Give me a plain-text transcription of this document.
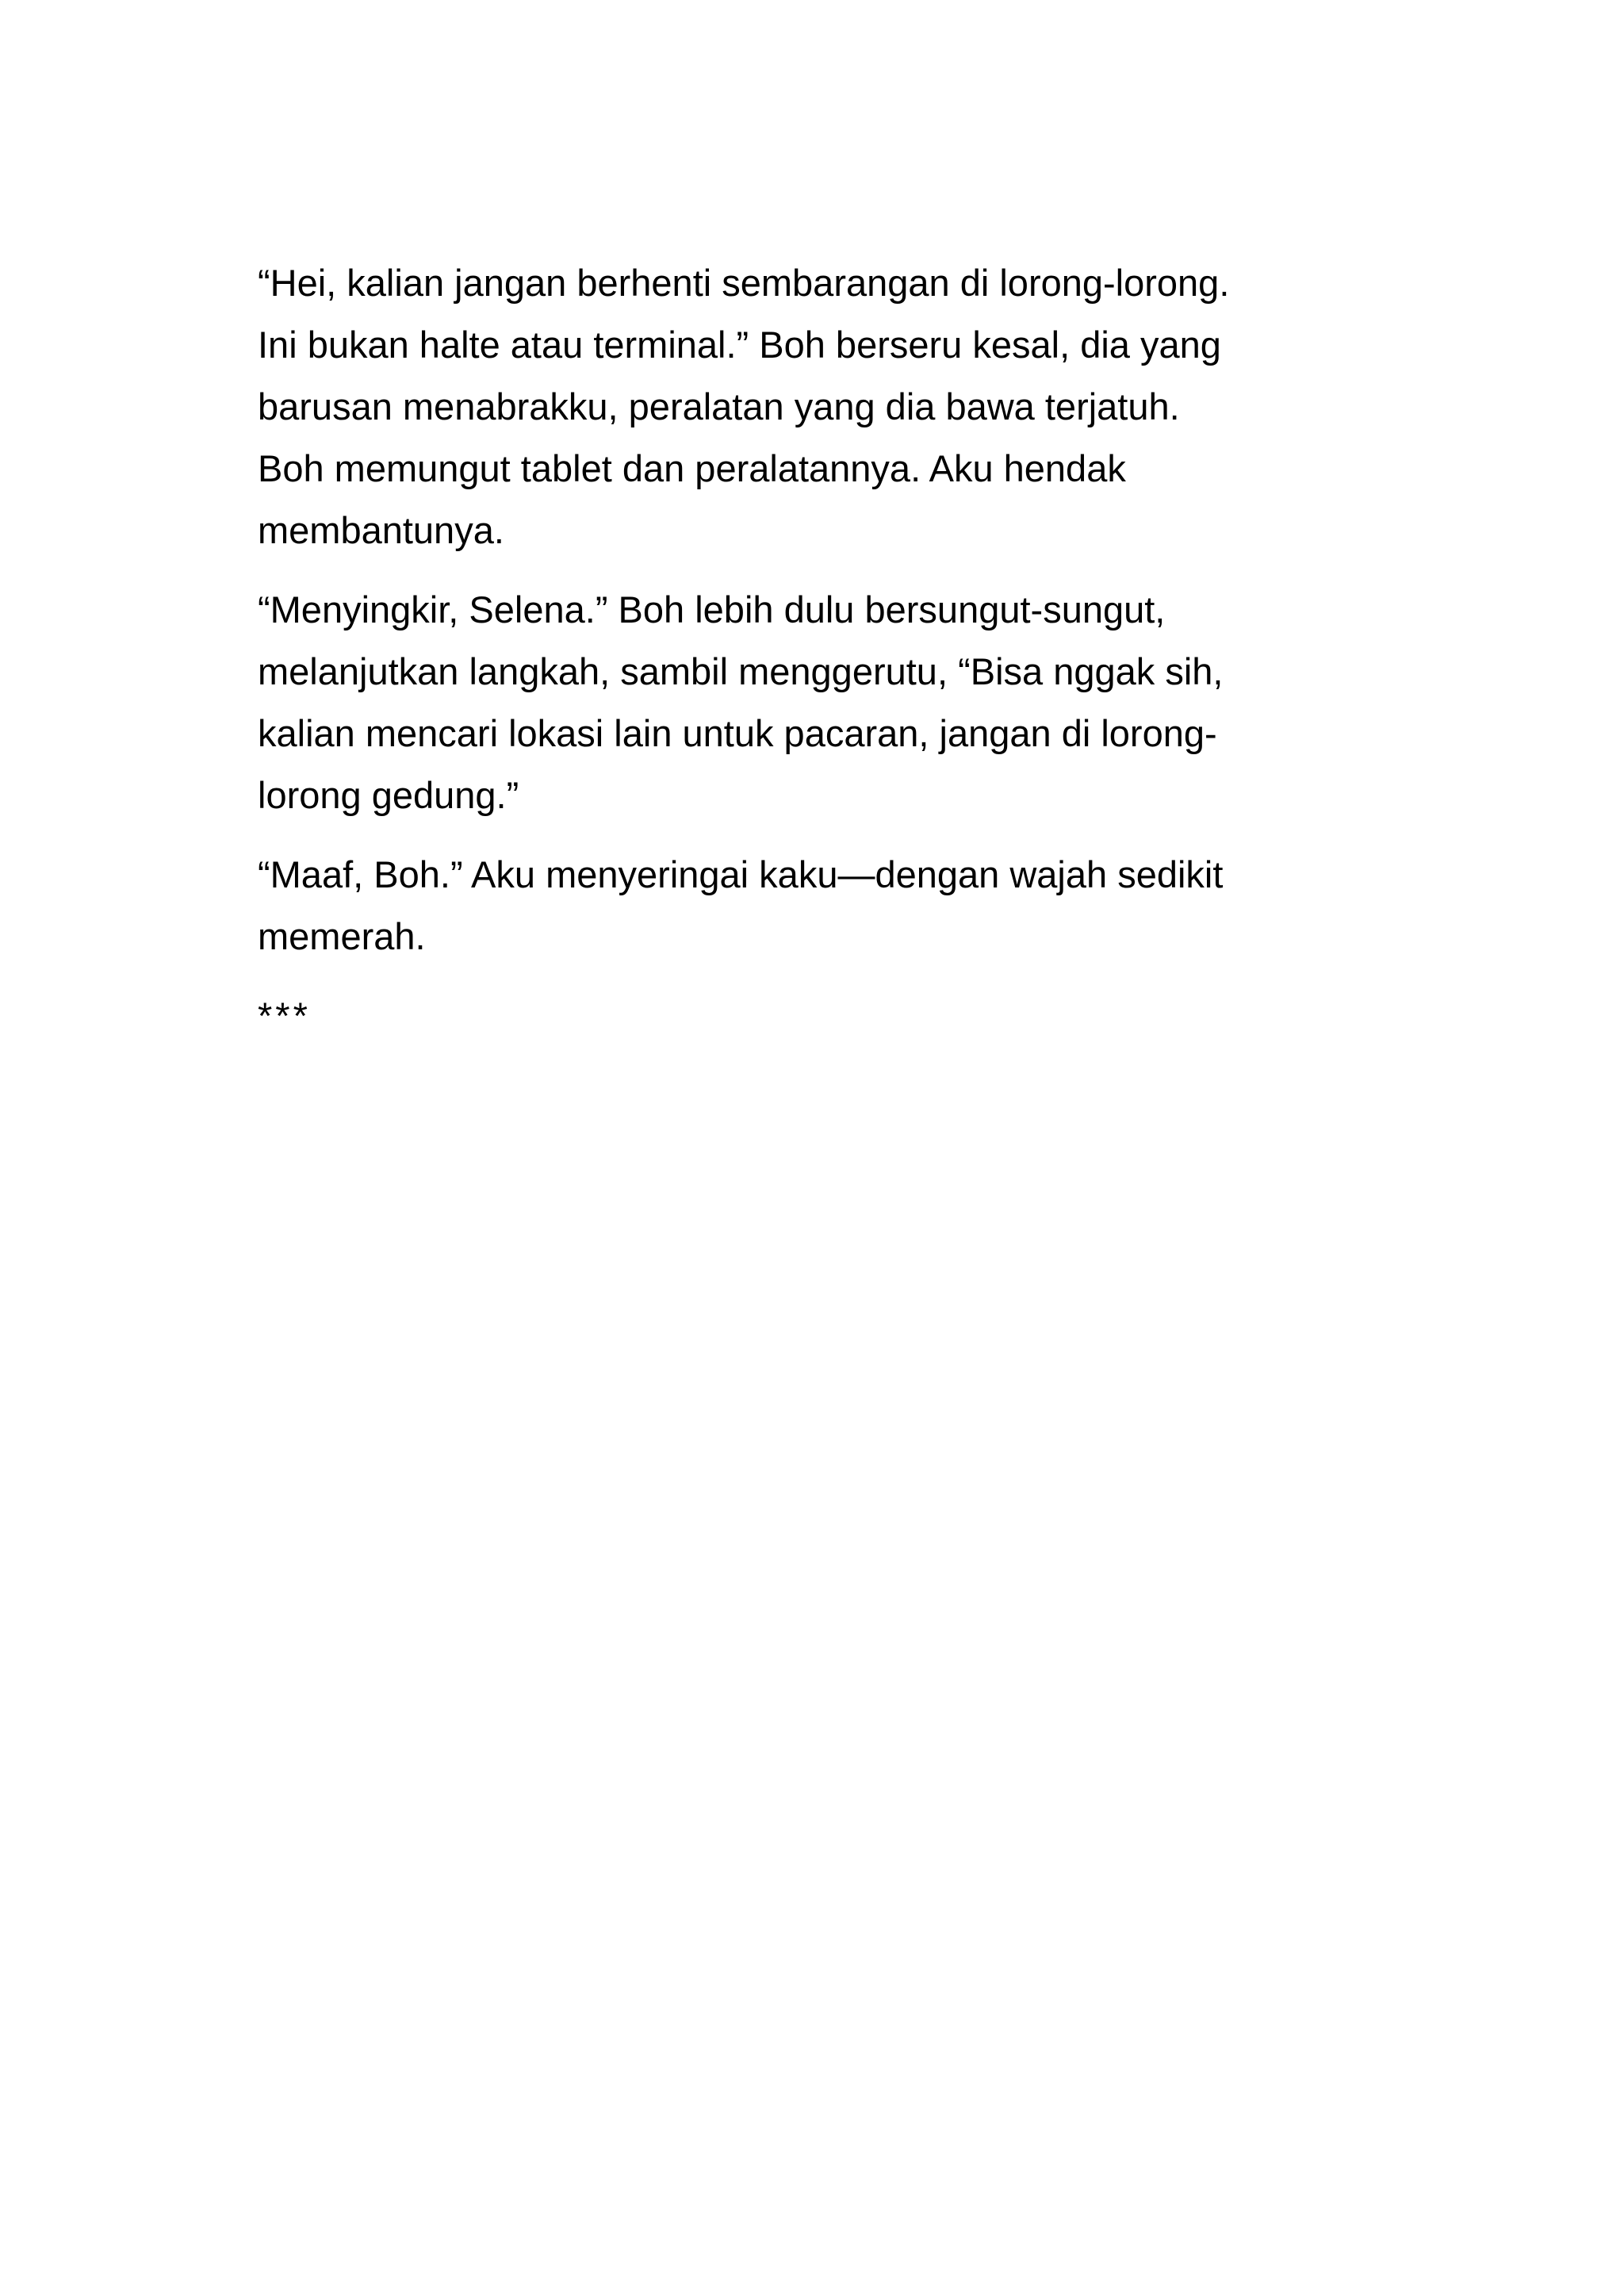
“Hei, kalian jangan berhenti sembarangan di lorong-lorong.
Ini bukan halte atau terminal.” Boh berseru kesal, dia yang
barusan menabrakku, peralatan yang dia bawa terjatuh.
Boh memungut tablet dan peralatannya. Aku hendak
membantunya.
“Menyingkir, Selena.” Boh lebih dulu bersungut-sungut,
melanjutkan langkah, sambil menggerutu, “Bisa nggak sih,
kalian mencari lokasi lain untuk pacaran, jangan di lorong-
lorong gedung.”
“Maaf, Boh.” Aku menyeringai kaku—dengan wajah sedikit
memerah.
***
